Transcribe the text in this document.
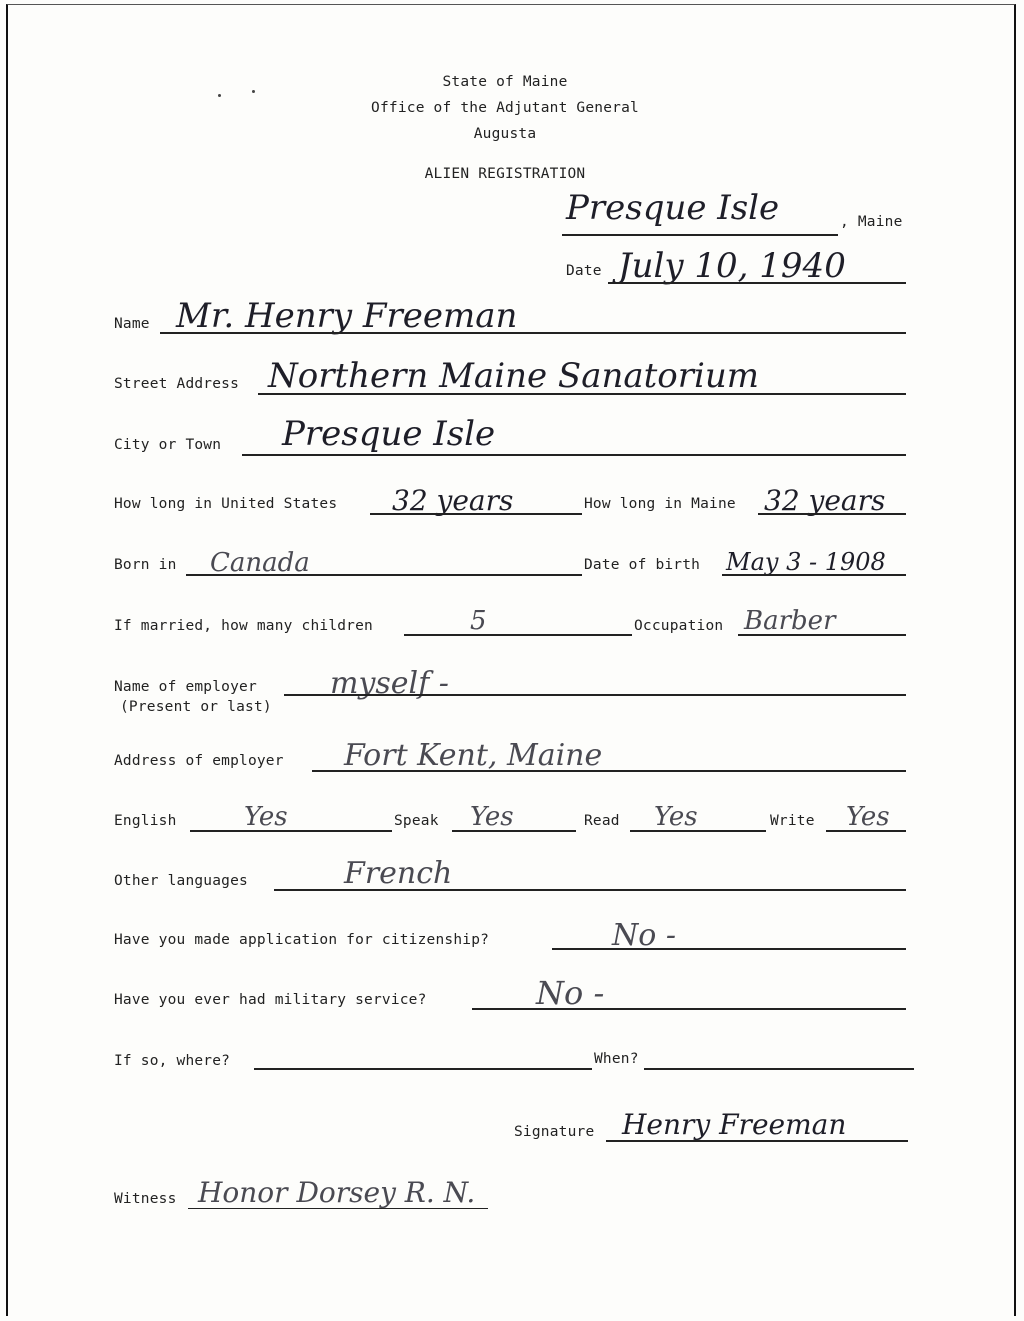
State of Maine
Office of the Adjutant General
Augusta
ALIEN REGISTRATION
Presque Isle	, Maine
Date July 10, 1940
Name Mr. Henry Freeman
Street Address Northern Maine Sanatorium
City or Town Presque Isle
How long in United States 32 years	How long in Maine 32 years
Born in Canada	Date of birth May 3 - 1908
If married, how many children	5	Occupation Barber
Name of employer
(Present or last)
myself -
Address of employer Fort Kent, Maine
English	Yes	Speak Yes	Read Yes	Write Yes
Other languages	French
Have you made application for citizenship?	No -
Have you ever had military service?	No -
If so, where?	When?
Signature Henry Freeman
Witness Honor Dorsey R. N.
